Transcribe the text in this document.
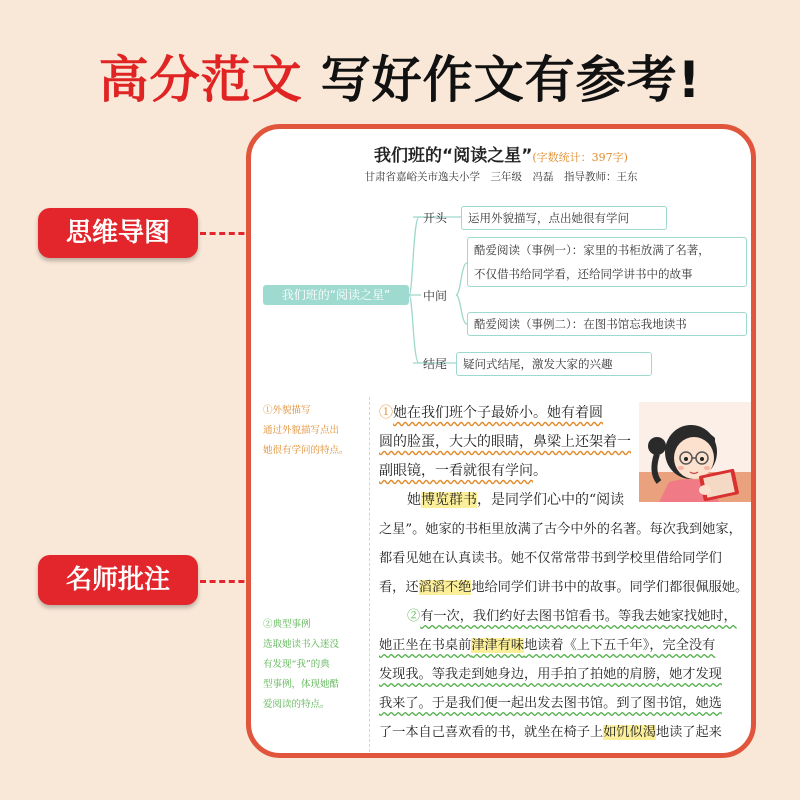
高分范文 写好作文有参考!
思维导图
名师批注
我们班的“阅读之星”(字数统计：397字)
甘肃省嘉峪关市逸夫小学　三年级　冯磊　指导教师：王东
我们班的“阅读之星”
开头
中间
结尾
运用外貌描写，点出她很有学问
酷爱阅读（事例一）：家里的书柜放满了名著，
不仅借书给同学看，还给同学讲书中的故事
酷爱阅读（事例二）：在图书馆忘我地读书
疑问式结尾，激发大家的兴趣
①外貌描写
通过外貌描写点出
她很有学问的特点。
②典型事例
选取她读书入迷没
有发现“我”的典
型事例，体现她酷
爱阅读的特点。

①她在我们班个子最娇小。她有着圆
圆的脸蛋，大大的眼睛，鼻梁上还架着一
副眼镜，一看就很有学问。

她博览群书，是同学们心中的“阅读

之星”。她家的书柜里放满了古今中外的名著。每次我到她家，
都看见她在认真读书。她不仅常常带书到学校里借给同学们
看，还滔滔不绝地给同学们讲书中的故事。同学们都很佩服她。

②有一次，我们约好去图书馆看书。等我去她家找她时，

她正坐在书桌前津津有味地读着《上下五千年》，完全没有
发现我。等我走到她身边，用手拍了拍她的肩膀，她才发现
我来了。于是我们便一起出发去图书馆。到了图书馆，她选
了一本自己喜欢看的书，就坐在椅子上如饥似渴地读了起来
